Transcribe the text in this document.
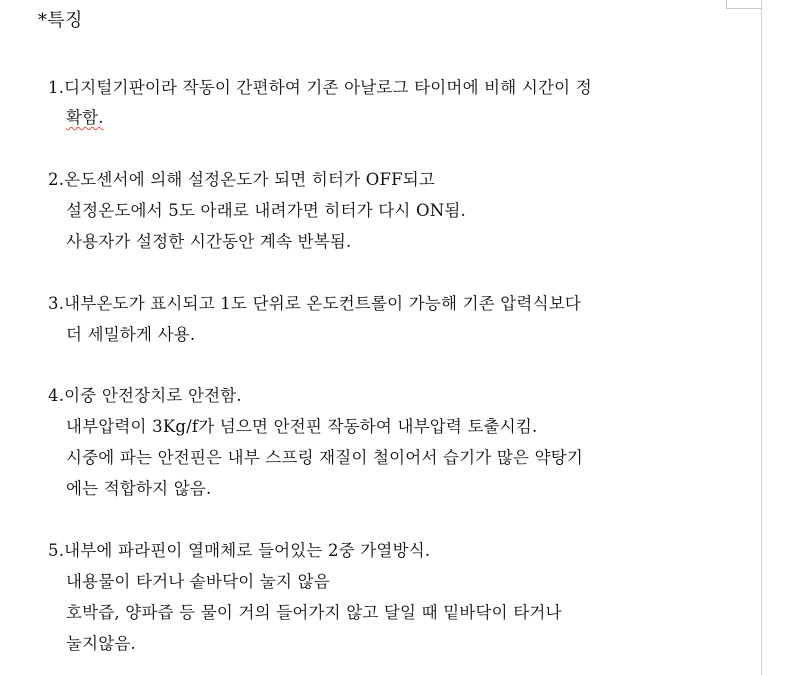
*특징
1.디지털기판이라 작동이 간편하여 기존 아날로그 타이머에 비해 시간이 정
확함.
2.온도센서에 의해 설정온도가 되면 히터가 OFF되고
설정온도에서 5도 아래로 내려가면 히터가 다시 ON됨.
사용자가 설정한 시간동안 계속 반복됨.
3.내부온도가 표시되고 1도 단위로 온도컨트롤이 가능해 기존 압력식보다
더 세밀하게 사용.
4.이중 안전장치로 안전함.
내부압력이 3Kg/f가 넘으면 안전핀 작동하여 내부압력 토출시킴.
시중에 파는 안전핀은 내부 스프링 재질이 철이어서 습기가 많은 약탕기
에는 적합하지 않음.
5.내부에 파라핀이 열매체로 들어있는 2중 가열방식.
내용물이 타거나 솥바닥이 눌지 않음
호박즙, 양파즙 등 물이 거의 들어가지 않고 달일 때 밑바닥이 타거나
눌지않음.
